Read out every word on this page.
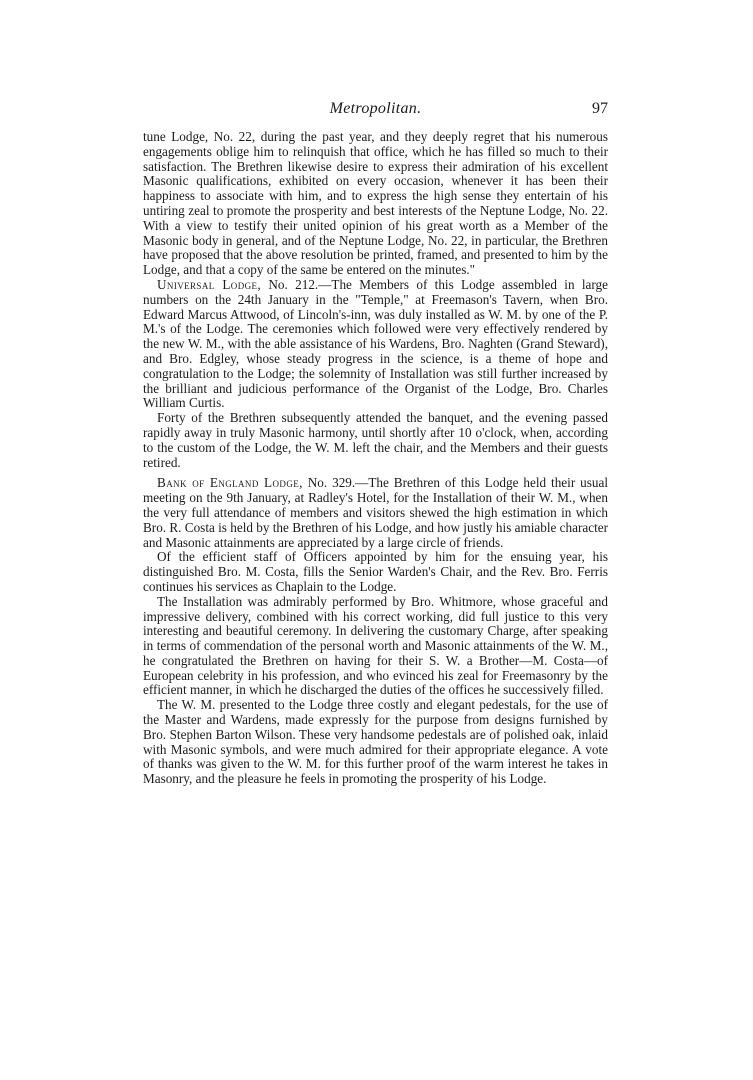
Metropolitan.	97

tune Lodge, No. 22, during the past year, and they deeply regret that his numerous engagements oblige him to relinquish that office, which he has filled so much to their satisfaction. The Brethren likewise desire to express their admiration of his excellent Masonic qualifications, exhibited on every occasion, whenever it has been their happiness to associate with him, and to express the high sense they entertain of his untiring zeal to promote the prosperity and best interests of the Neptune Lodge, No. 22. With a view to testify their united opinion of his great worth as a Member of the Masonic body in general, and of the Neptune Lodge, No. 22, in particular, the Brethren have proposed that the above resolution be printed, framed, and presented to him by the Lodge, and that a copy of the same be entered on the minutes."

Universal Lodge, No. 212.—The Members of this Lodge assembled in large numbers on the 24th January in the "Temple," at Freemason's Tavern, when Bro. Edward Marcus Attwood, of Lincoln's-inn, was duly installed as W. M. by one of the P. M.'s of the Lodge. The ceremonies which followed were very effectively rendered by the new W. M., with the able assistance of his Wardens, Bro. Naghten (Grand Steward), and Bro. Edgley, whose steady progress in the science, is a theme of hope and congratulation to the Lodge; the solemnity of Installation was still further increased by the brilliant and judicious performance of the Organist of the Lodge, Bro. Charles William Curtis.

Forty of the Brethren subsequently attended the banquet, and the evening passed rapidly away in truly Masonic harmony, until shortly after 10 o'clock, when, according to the custom of the Lodge, the W. M. left the chair, and the Members and their guests retired.

Bank of England Lodge, No. 329.—The Brethren of this Lodge held their usual meeting on the 9th January, at Radley's Hotel, for the Installation of their W. M., when the very full attendance of members and visitors shewed the high estimation in which Bro. R. Costa is held by the Brethren of his Lodge, and how justly his amiable character and Masonic attainments are appreciated by a large circle of friends.

Of the efficient staff of Officers appointed by him for the ensuing year, his distinguished Bro. M. Costa, fills the Senior Warden's Chair, and the Rev. Bro. Ferris continues his services as Chaplain to the Lodge.

The Installation was admirably performed by Bro. Whitmore, whose graceful and impressive delivery, combined with his correct working, did full justice to this very interesting and beautiful ceremony. In delivering the customary Charge, after speaking in terms of commendation of the personal worth and Masonic attainments of the W. M., he congratulated the Brethren on having for their S. W. a Brother—M. Costa—of European celebrity in his profession, and who evinced his zeal for Freemasonry by the efficient manner, in which he discharged the duties of the offices he successively filled.

The W. M. presented to the Lodge three costly and elegant pedestals, for the use of the Master and Wardens, made expressly for the purpose from designs furnished by Bro. Stephen Barton Wilson. These very handsome pedestals are of polished oak, inlaid with Masonic symbols, and were much admired for their appropriate elegance. A vote of thanks was given to the W. M. for this further proof of the warm interest he takes in Masonry, and the pleasure he feels in promoting the prosperity of his Lodge.
